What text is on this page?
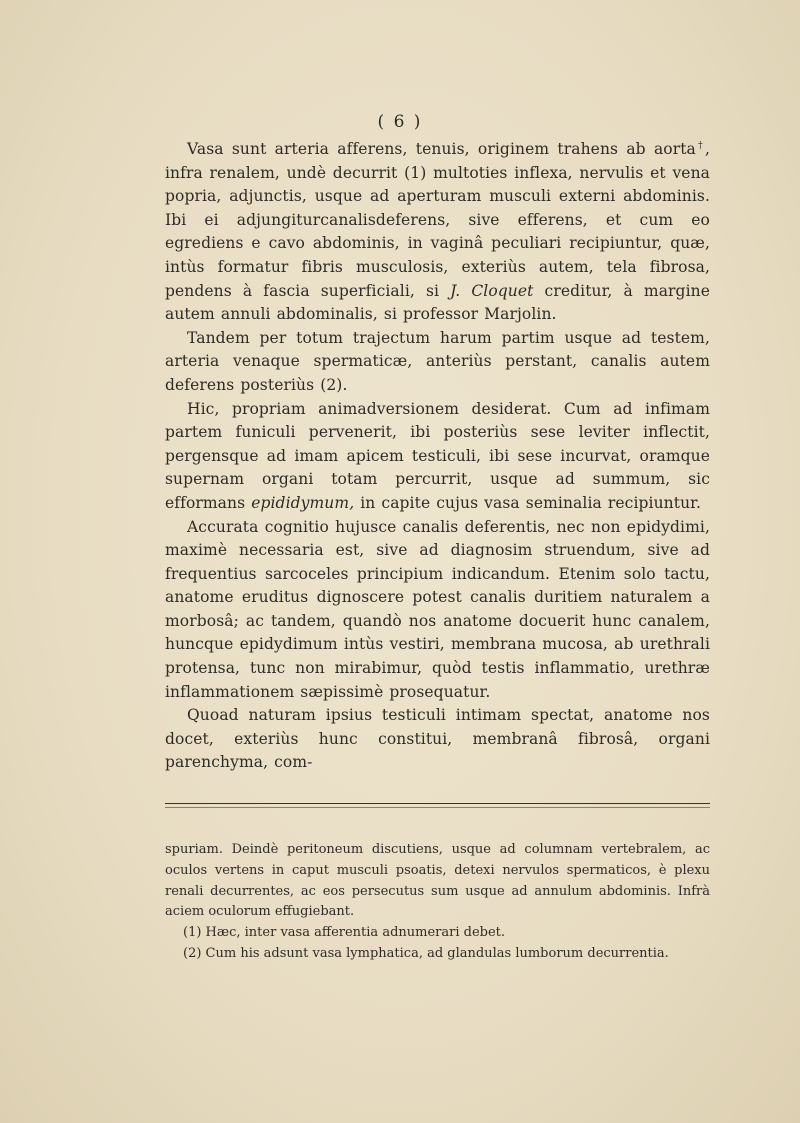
( 6 )

Vasa sunt arteria afferens, tenuis, originem trahens ab aorta†, infra renalem, undè decurrit (1) multoties inflexa, nervulis et vena popria, adjunctis, usque ad aperturam musculi externi abdominis. Ibi ei adjungiturcanalisdeferens, sive efferens, et cum eo egrediens e cavo abdominis, in vaginâ peculiari recipiuntur, quæ, intùs formatur fibris musculosis, exteriùs autem, tela fibrosa, pendens à fascia superficiali, si J. Cloquet creditur, à margine autem annuli abdominalis, si professor Marjolin.

Tandem per totum trajectum harum partim usque ad testem, arteria venaque spermaticæ, anteriùs perstant, canalis autem deferens posteriùs (2).

Hic, propriam animadversionem desiderat. Cum ad infimam partem funiculi pervenerit, ibi posteriùs sese leviter inflectit, pergensque ad imam apicem testiculi, ibi sese incurvat, oramque supernam organi totam percurrit, usque ad summum, sic efformans epididymum, in capite cujus vasa seminalia recipiuntur.

Accurata cognitio hujusce canalis deferentis, nec non epidydimi, maximè necessaria est, sive ad diagnosim struendum, sive ad frequentius sarcoceles principium indicandum. Etenim solo tactu, anatome eruditus dignoscere potest canalis duritiem naturalem a morbosâ; ac tandem, quandò nos anatome docuerit hunc canalem, huncque epidydimum intùs vestiri, membrana mucosa, ab urethrali protensa, tunc non mirabimur, quòd testis inflammatio, urethræ inflammationem sæpissimè prosequatur.

Quoad naturam ipsius testiculi intimam spectat, anatome nos docet, exteriùs hunc constitui, membranâ fibrosâ, organi parenchyma, com-

spuriam. Deindè peritoneum discutiens, usque ad columnam vertebralem, ac oculos vertens in caput musculi psoatis, detexi nervulos spermaticos, è plexu renali decurrentes, ac eos persecutus sum usque ad annulum abdominis. Infrà aciem oculorum effugiebant.

(1) Hæc, inter vasa afferentia adnumerari debet.

(2) Cum his adsunt vasa lymphatica, ad glandulas lumborum decurrentia.
